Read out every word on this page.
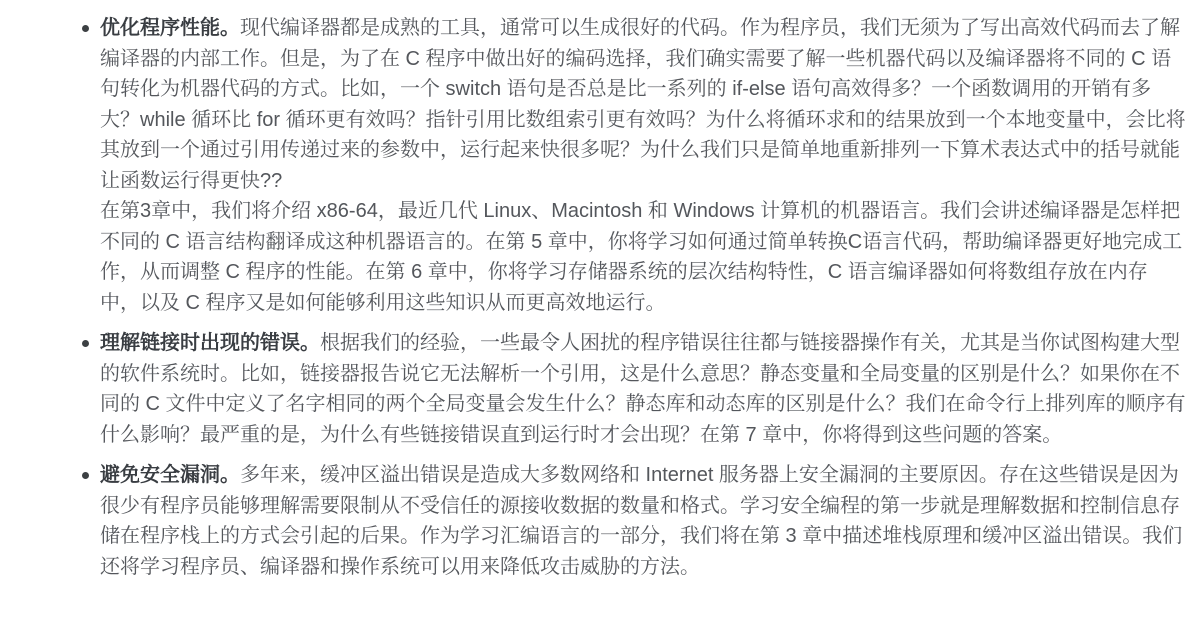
优化程序性能。现代编译器都是成熟的工具，通常可以生成很好的代码。作为程序员，我们无须为了写出高效代码而去了解编译器的内部工作。但是，为了在 C 程序中做出好的编码选择，我们确实需要了解一些机器代码以及编译器将不同的 C 语句转化为机器代码的方式。比如，一个 switch 语句是否总是比一系列的 if-else 语句高效得多？一个函数调用的开销有多大？while 循环比 for 循环更有效吗？指针引用比数组索引更有效吗？为什么将循环求和的结果放到一个本地变量中，会比将其放到一个通过引用传递过来的参数中，运行起来快很多呢？为什么我们只是简单地重新排列一下算术表达式中的括号就能让函数运行得更快??

在第3章中，我们将介绍 x86-64，最近几代 Linux、Macintosh 和 Windows 计算机的机器语言。我们会讲述编译器是怎样把不同的 C 语言结构翻译成这种机器语言的。在第 5 章中，你将学习如何通过简单转换C语言代码，帮助编译器更好地完成工作，从而调整 C 程序的性能。在第 6 章中，你将学习存储器系统的层次结构特性，C 语言编译器如何将数组存放在内存中，以及 C 程序又是如何能够利用这些知识从而更高效地运行。

理解链接时出现的错误。根据我们的经验，一些最令人困扰的程序错误往往都与链接器操作有关，尤其是当你试图构建大型的软件系统时。比如，链接器报告说它无法解析一个引用，这是什么意思？静态变量和全局变量的区别是什么？如果你在不同的 C 文件中定义了名字相同的两个全局变量会发生什么？静态库和动态库的区别是什么？我们在命令行上排列库的顺序有什么影响？最严重的是，为什么有些链接错误直到运行时才会出现？在第 7 章中，你将得到这些问题的答案。

避免安全漏洞。多年来，缓冲区溢出错误是造成大多数网络和 Internet 服务器上安全漏洞的主要原因。存在这些错误是因为很少有程序员能够理解需要限制从不受信任的源接收数据的数量和格式。学习安全编程的第一步就是理解数据和控制信息存储在程序栈上的方式会引起的后果。作为学习汇编语言的一部分，我们将在第 3 章中描述堆栈原理和缓冲区溢出错误。我们还将学习程序员、编译器和操作系统可以用来降低攻击威胁的方法。
